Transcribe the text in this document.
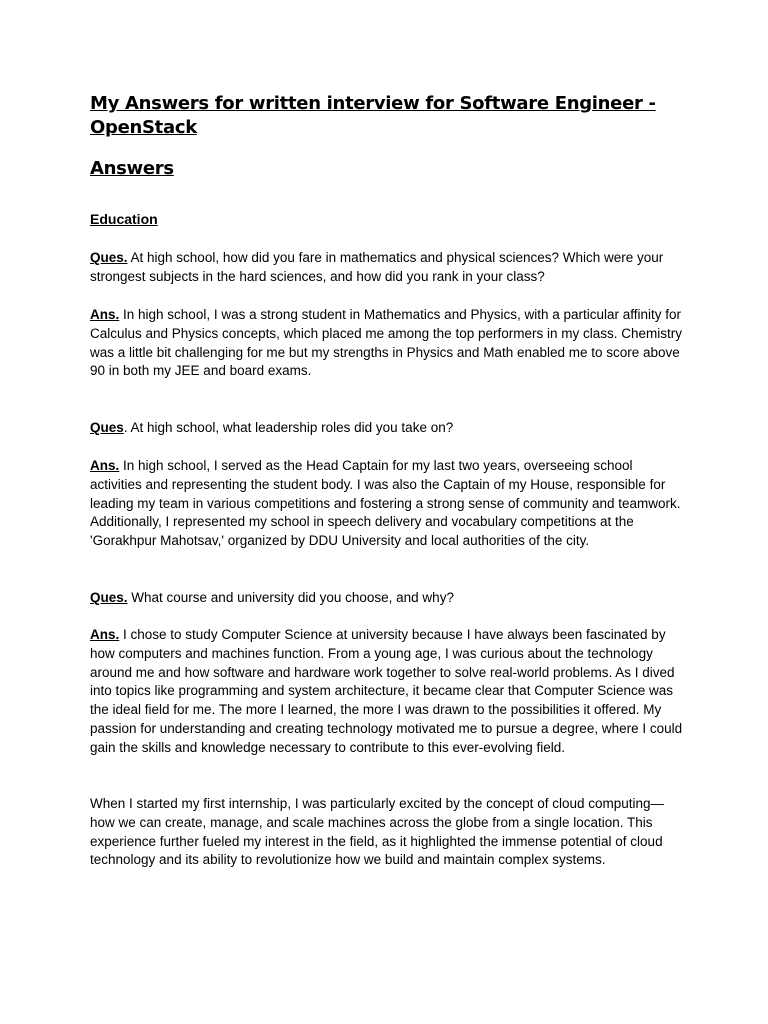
My Answers for written interview for Software Engineer - OpenStack
Answers
Education

Ques. At high school, how did you fare in mathematics and physical sciences? Which were your strongest subjects in the hard sciences, and how did you rank in your class?

Ans. In high school, I was a strong student in Mathematics and Physics, with a particular affinity for Calculus and Physics concepts, which placed me among the top performers in my class. Chemistry was a little bit challenging for me but my strengths in Physics and Math enabled me to score above 90 in both my JEE and board exams.

Ques. At high school, what leadership roles did you take on?

Ans. In high school, I served as the Head Captain for my last two years, overseeing school activities and representing the student body. I was also the Captain of my House, responsible for leading my team in various competitions and fostering a strong sense of community and teamwork. Additionally, I represented my school in speech delivery and vocabulary competitions at the 'Gorakhpur Mahotsav,' organized by DDU University and local authorities of the city.

Ques. What course and university did you choose, and why?

Ans. I chose to study Computer Science at university because I have always been fascinated by how computers and machines function. From a young age, I was curious about the technology around me and how software and hardware work together to solve real-world problems. As I dived into topics like programming and system architecture, it became clear that Computer Science was the ideal field for me. The more I learned, the more I was drawn to the possibilities it offered. My passion for understanding and creating technology motivated me to pursue a degree, where I could gain the skills and knowledge necessary to contribute to this ever-evolving field.

When I started my first internship, I was particularly excited by the concept of cloud computing—how we can create, manage, and scale machines across the globe from a single location. This experience further fueled my interest in the field, as it highlighted the immense potential of cloud technology and its ability to revolutionize how we build and maintain complex systems.
